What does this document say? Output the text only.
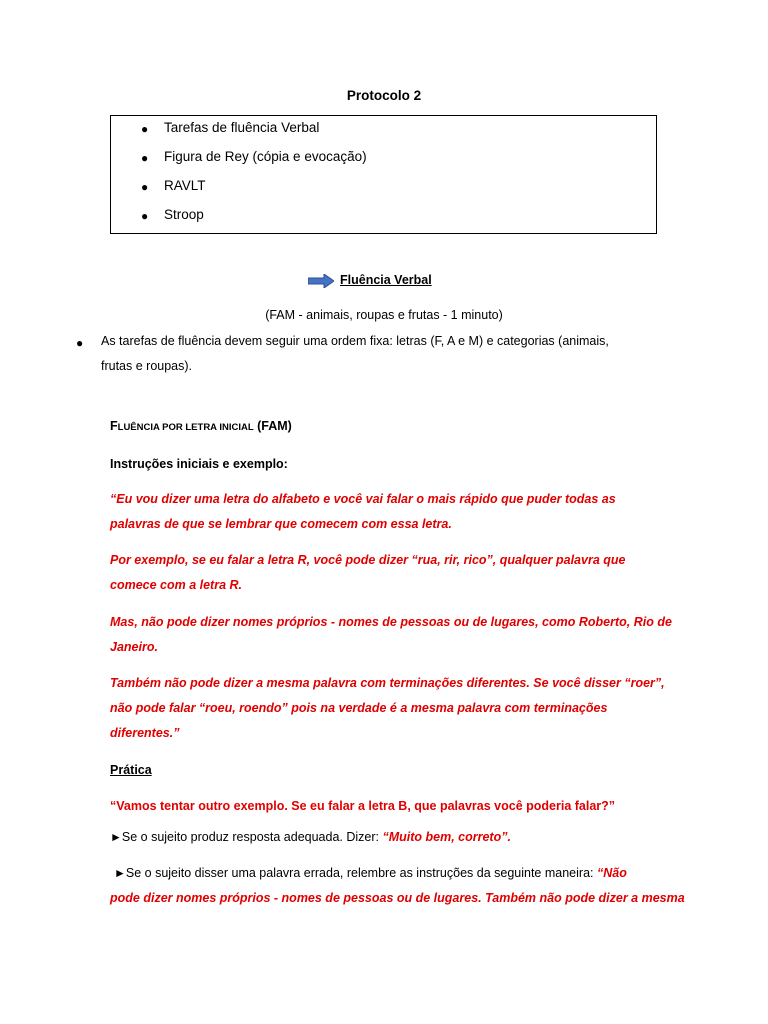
Protocolo 2
● Tarefas de fluência Verbal
● Figura de Rey (cópia e evocação)
● RAVLT
● Stroop
Fluência Verbal
(FAM - animais, roupas e frutas - 1 minuto)
● As tarefas de fluência devem seguir uma ordem fixa: letras (F, A e M) e categorias (animais,
frutas e roupas).
FLUÊNCIA POR LETRA INICIAL (FAM)
Instruções iniciais e exemplo:
“Eu vou dizer uma letra do alfabeto e você vai falar o mais rápido que puder todas as
palavras de que se lembrar que comecem com essa letra.
Por exemplo, se eu falar a letra R, você pode dizer “rua, rir, rico”, qualquer palavra que
comece com a letra R.
Mas, não pode dizer nomes próprios - nomes de pessoas ou de lugares, como Roberto, Rio de
Janeiro.
Também não pode dizer a mesma palavra com terminações diferentes. Se você disser “roer”,
não pode falar “roeu, roendo” pois na verdade é a mesma palavra com terminações
diferentes.”
Prática
“Vamos tentar outro exemplo. Se eu falar a letra B, que palavras você poderia falar?”
►Se o sujeito produz resposta adequada. Dizer: “Muito bem, correto”.
►Se o sujeito disser uma palavra errada, relembre as instruções da seguinte maneira: “Não
pode dizer nomes próprios - nomes de pessoas ou de lugares. Também não pode dizer a mesma
